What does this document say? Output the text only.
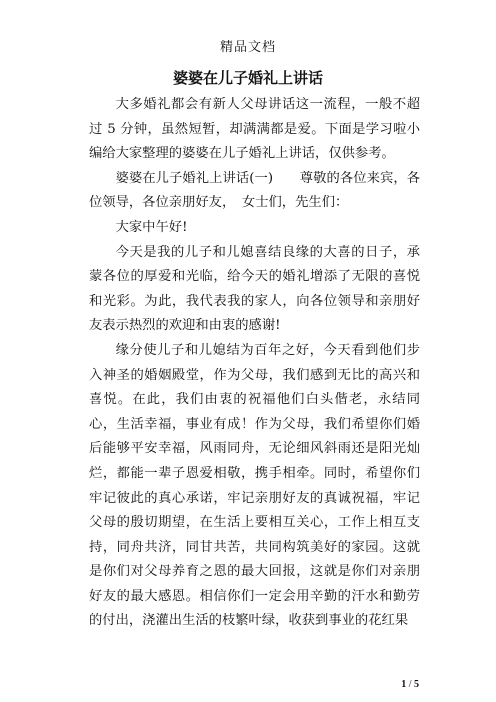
精品文档
婆婆在儿子婚礼上讲话

大多婚礼都会有新人父母讲话这一流程，一般不超过 5 分钟，虽然短暂，却满满都是爱。下面是学习啦小编给大家整理的婆婆在儿子婚礼上讲话，仅供参考。

婆婆在儿子婚礼上讲话(一)　　尊敬的各位来宾，各位领导，各位亲朋好友，　女士们，先生们：

大家中午好!

今天是我的儿子和儿媳喜结良缘的大喜的日子，承蒙各位的厚爱和光临，给今天的婚礼增添了无限的喜悦和光彩。为此，我代表我的家人，向各位领导和亲朋好友表示热烈的欢迎和由衷的感谢!

缘分使儿子和儿媳结为百年之好，今天看到他们步入神圣的婚姻殿堂，作为父母，我们感到无比的高兴和喜悦。在此，我们由衷的祝福他们白头偕老，永结同心，生活幸福，事业有成！作为父母，我们希望你们婚后能够平安幸福，风雨同舟，无论细风斜雨还是阳光灿烂，都能一辈子恩爱相敬，携手相牵。同时，希望你们牢记彼此的真心承诺，牢记亲朋好友的真诚祝福，牢记父母的殷切期望，在生活上要相互关心，工作上相互支持，同舟共济，同甘共苦，共同构筑美好的家园。这就是你们对父母养育之恩的最大回报，这就是你们对亲朋好友的最大感恩。相信你们一定会用辛勤的汗水和勤劳的付出，浇灌出生活的枝繁叶绿，收获到事业的花红果

1 / 5
